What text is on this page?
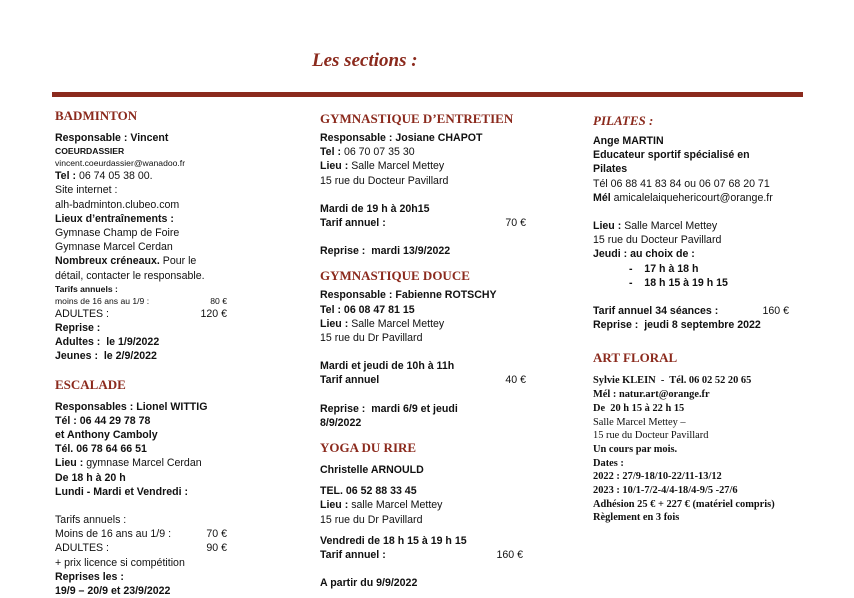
Les sections :
BADMINTON
Responsable : Vincent
COEURDASSIER
vincent.coeurdassier@wanadoo.fr
Tel : 06 74 05 38 00.
Site internet :
alh-badminton.clubeo.com
Lieux d’entraînements :
Gymnase Champ de Foire
Gymnase Marcel Cerdan
Nombreux créneaux. Pour le
détail, contacter le responsable.
Tarifs annuels :
moins de 16 ans au 1/9 :	80 €
ADULTES :	120 €
Reprise :
Adultes :  le 1/9/2022
Jeunes :  le 2/9/2022
ESCALADE
Responsables : Lionel WITTIG
Tél : 06 44 29 78 78
et Anthony Camboly
Tél. 06 78 64 66 51
Lieu : gymnase Marcel Cerdan
De 18 h à 20 h
Lundi - Mardi et Vendredi :
Tarifs annuels :
Moins de 16 ans au 1/9 :	70 €
ADULTES :	90 €
+ prix licence si compétition
Reprises les :
19/9 – 20/9 et 23/9/2022
GYMNASTIQUE D’ENTRETIEN
Responsable : Josiane CHAPOT
Tel : 06 70 07 35 30
Lieu : Salle Marcel Mettey
15 rue du Docteur Pavillard
Mardi de 19 h à 20h15
Tarif annuel :	70 €
Reprise :  mardi 13/9/2022
GYMNASTIQUE DOUCE
Responsable : Fabienne ROTSCHY
Tel : 06 08 47 81 15
Lieu : Salle Marcel Mettey
15 rue du Dr Pavillard
Mardi et jeudi de 10h à 11h
Tarif annuel	40 €
Reprise :  mardi 6/9 et jeudi
8/9/2022
YOGA DU RIRE
Christelle ARNOULD
TEL. 06 52 88 33 45
Lieu : salle Marcel Mettey
15 rue du Dr Pavillard
Vendredi de 18 h 15 à 19 h 15
Tarif annuel :	160 €
A partir du 9/9/2022
PILATES :
Ange MARTIN
Educateur sportif spécialisé en
Pilates
Tél 06 88 41 83 84 ou 06 07 68 20 71
Mél amicalelaiquehericourt@orange.fr
Lieu : Salle Marcel Mettey
15 rue du Docteur Pavillard
Jeudi : au choix de :
-    17 h à 18 h
-    18 h 15 à 19 h 15
Tarif annuel 34 séances :	160 €
Reprise :  jeudi 8 septembre 2022
ART FLORAL
Sylvie KLEIN  -  Tél. 06 02 52 20 65
Mél : natur.art@orange.fr
De  20 h 15 à 22 h 15
Salle Marcel Mettey –
15 rue du Docteur Pavillard
Un cours par mois.
Dates :
2022 : 27/9-18/10-22/11-13/12
2023 : 10/1-7/2-4/4-18/4-9/5 -27/6
Adhésion 25 € + 227 € (matériel compris)
Règlement en 3 fois
